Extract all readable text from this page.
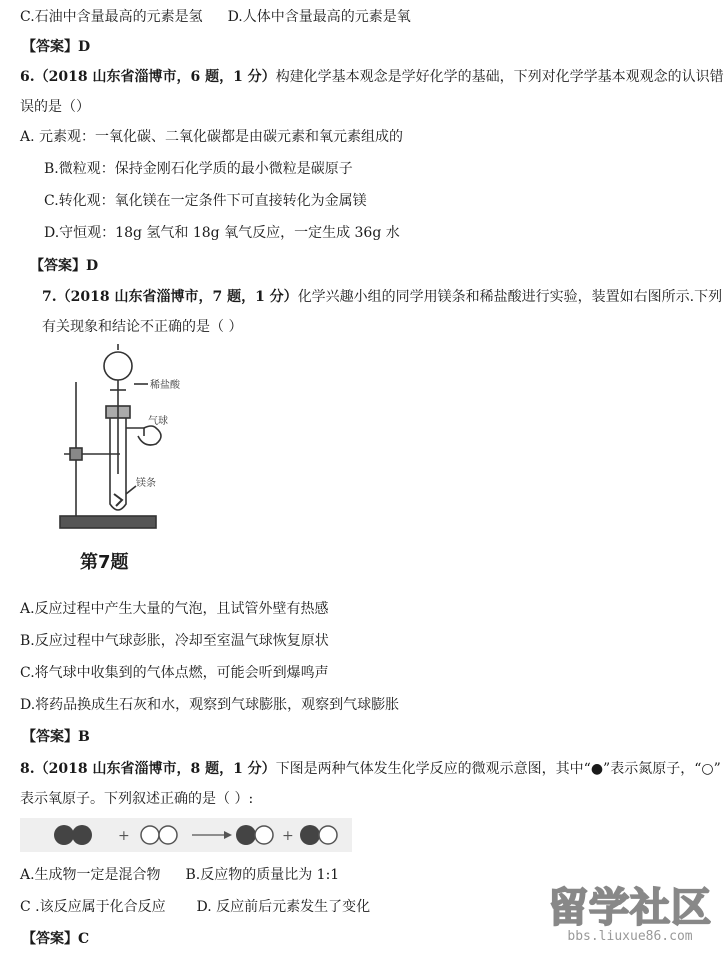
C.石油中含量最高的元素是氢 D.人体中含量最高的元素是氧
【答案】D
6.（2018 山东省淄博市，6 题，1 分）构建化学基本观念是学好化学的基础，下列对化学学基本观观念的认识错
误的是（）
A. 元素观：一氧化碳、二氧化碳都是由碳元素和氧元素组成的
B.微粒观：保持金刚石化学质的最小微粒是碳原子
C.转化观：氧化镁在一定条件下可直接转化为金属镁
D.守恒观：18g 氢气和 18g 氧气反应，一定生成 36g 水
【答案】D
7.（2018 山东省淄博市，7 题，1 分）化学兴趣小组的同学用镁条和稀盐酸进行实验，装置如右图所示.下列
有关现象和结论不正确的是（ ）
稀盐酸
气球
镁条
第7题
A.反应过程中产生大量的气泡，且试管外壁有热感
B.反应过程中气球彭胀，冷却至室温气球恢复原状
C.将气球中收集到的气体点燃，可能会听到爆鸣声
D.将药品换成生石灰和水，观察到气球膨胀，观察到气球膨胀
【答案】B
8.（2018 山东省淄博市，8 题，1 分）下图是两种气体发生化学反应的微观示意图，其中“●”表示氮原子，“○”
表示氧原子。下列叙述正确的是（ ）:
+	+
A.生成物一定是混合物 B.反应物的质量比为 1:1
C .该反应属于化合反应 D. 反应前后元素发生了变化
【答案】C
留学社区
bbs.liuxue86.com
